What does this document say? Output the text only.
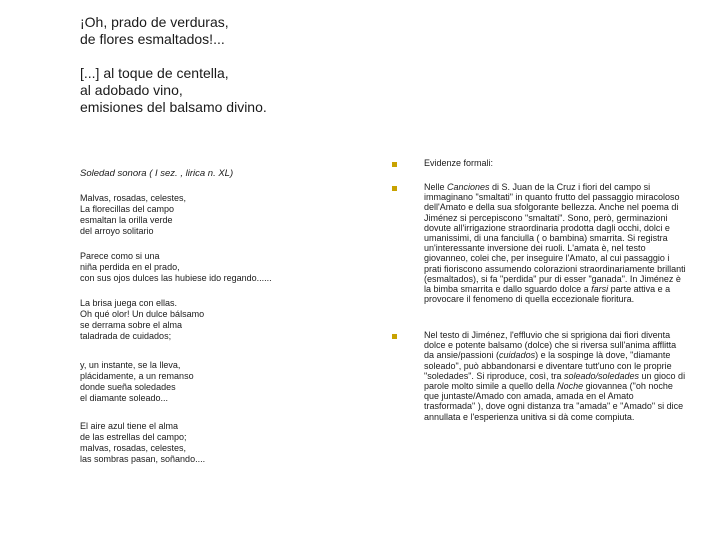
¡Oh, prado de verduras,
de flores esmaltados!...

[...] al toque de centella,
al adobado vino,
emisiones del balsamo divino.

Soledad sonora ( I sez. , lirica n. XL)

Malvas, rosadas, celestes,
La florecillas del campo
esmaltan la orilla verde
del arroyo solitario

Parece como si una
niña perdida en el prado,
con sus ojos dulces las hubiese ido regando......

La brisa juega con ellas.
Oh qué olor! Un dulce bálsamo
se derrama sobre el alma
taladrada de cuidados;

y, un instante, se la lleva,
plácidamente, a un remanso
donde sueña soledades
el diamante soleado...

El aire azul tiene el alma
de las estrellas del campo;
malvas, rosadas, celestes,
las sombras pasan, soñando....

Evidenze formali:

Nelle Canciones di S. Juan de la Cruz i fiori del campo si immaginano "smaltati" in quanto frutto del passaggio miracoloso dell'Amato e della sua sfolgorante bellezza. Anche nel poema di Jiménez si percepiscono "smaltati". Sono, però, germinazioni dovute all'irrigazione straordinaria prodotta dagli occhi, dolci e umanissimi, di una fanciulla ( o bambina) smarrita. Si registra un'interessante inversione dei ruoli. L'amata è, nel testo giovanneo, colei che, per inseguire l'Amato, al cui passaggio i prati fioriscono assumendo colorazioni straordinariamente brillanti (esmaltados), si fa "perdida" pur di esser "ganada". In Jiménez è la bimba smarrita e dallo sguardo dolce a farsi parte attiva e a provocare il fenomeno di quella eccezionale fioritura.

Nel testo di Jiménez, l'effluvio che si sprigiona dai fiori diventa dolce e potente balsamo (dolce) che si riversa sull'anima afflitta da ansie/passioni (cuidados) e la sospinge là dove, "diamante soleado", può abbandonarsi e diventare tutt'uno con le proprie "soledades". Si riproduce, così, tra soleado/soledades un gioco di parole molto simile a quello della Noche giovannea ("oh noche que juntaste/Amado con amada, amada en el Amato trasformada" ), dove ogni distanza tra "amada" e "Amado" si dice annullata e l'esperienza unitiva si dà come compiuta.
